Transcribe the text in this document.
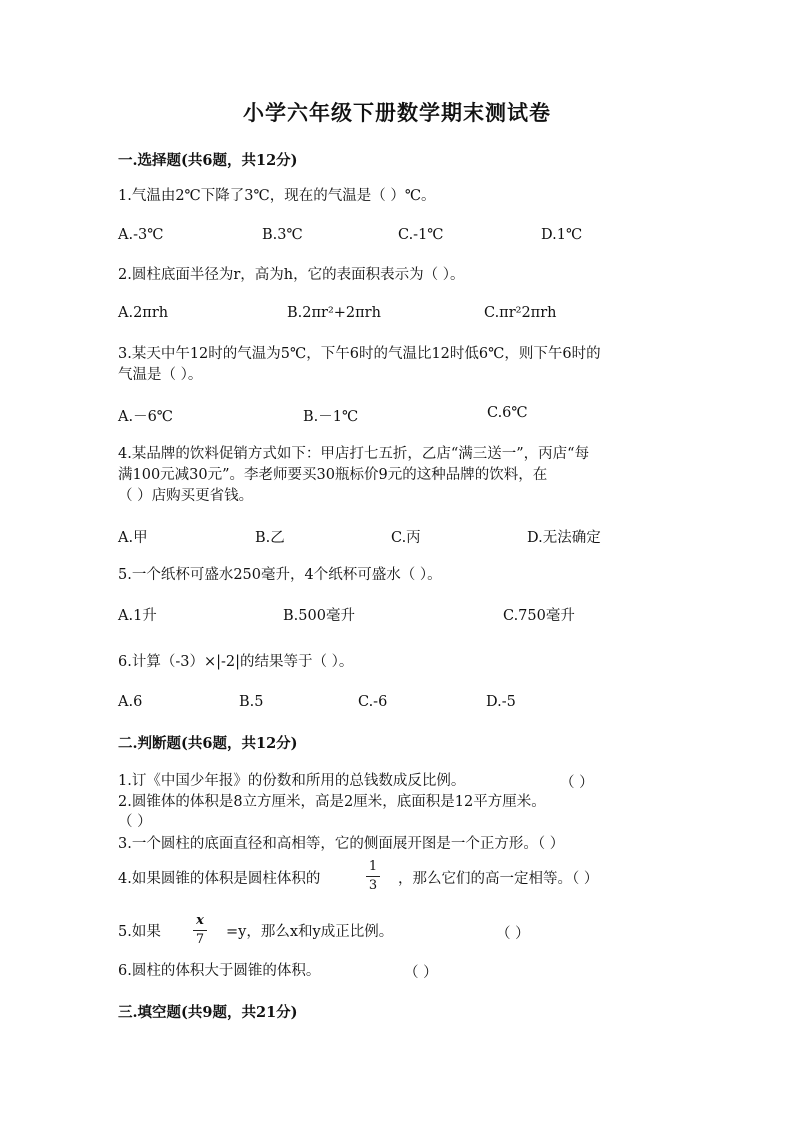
小学六年级下册数学期末测试卷
一.选择题(共6题，共12分)
1.气温由2℃下降了3℃，现在的气温是（ ）℃。
A.-3℃	B.3℃	C.-1℃	D.1℃
2.圆柱底面半径为r，高为h，它的表面积表示为（ ）。
A.2πrh	B.2πr²+2πrh	C.πr²2πrh
3.某天中午12时的气温为5℃，下午6时的气温比12时低6℃，则下午6时的
气温是（ ）。
A.－6℃	B.－1℃	C.6℃
4.某品牌的饮料促销方式如下：甲店打七五折，乙店“满三送一”，丙店“每
满100元减30元”。李老师要买30瓶标价9元的这种品牌的饮料，在
（ ）店购买更省钱。
A.甲	B.乙	C.丙	D.无法确定
5.一个纸杯可盛水250毫升，4个纸杯可盛水（ ）。
A.1升	B.500毫升	C.750毫升
6.计算（-3）×|-2|的结果等于（ ）。
A.6	B.5	C.-6	D.-5
二.判断题(共6题，共12分)
1.订《中国少年报》的份数和所用的总钱数成反比例。	（ ）
2.圆锥体的体积是8立方厘米，高是2厘米，底面积是12平方厘米。
（ ）
3.一个圆柱的底面直径和高相等，它的侧面展开图是一个正方形。（ ）
4.如果圆锥的体积是圆柱体积的
1
3 ，那么它们的高一定相等。（ ）
5.如果
x
7 =y，那么x和y成正比例。	（ ）
6.圆柱的体积大于圆锥的体积。	（ ）
三.填空题(共9题，共21分)
